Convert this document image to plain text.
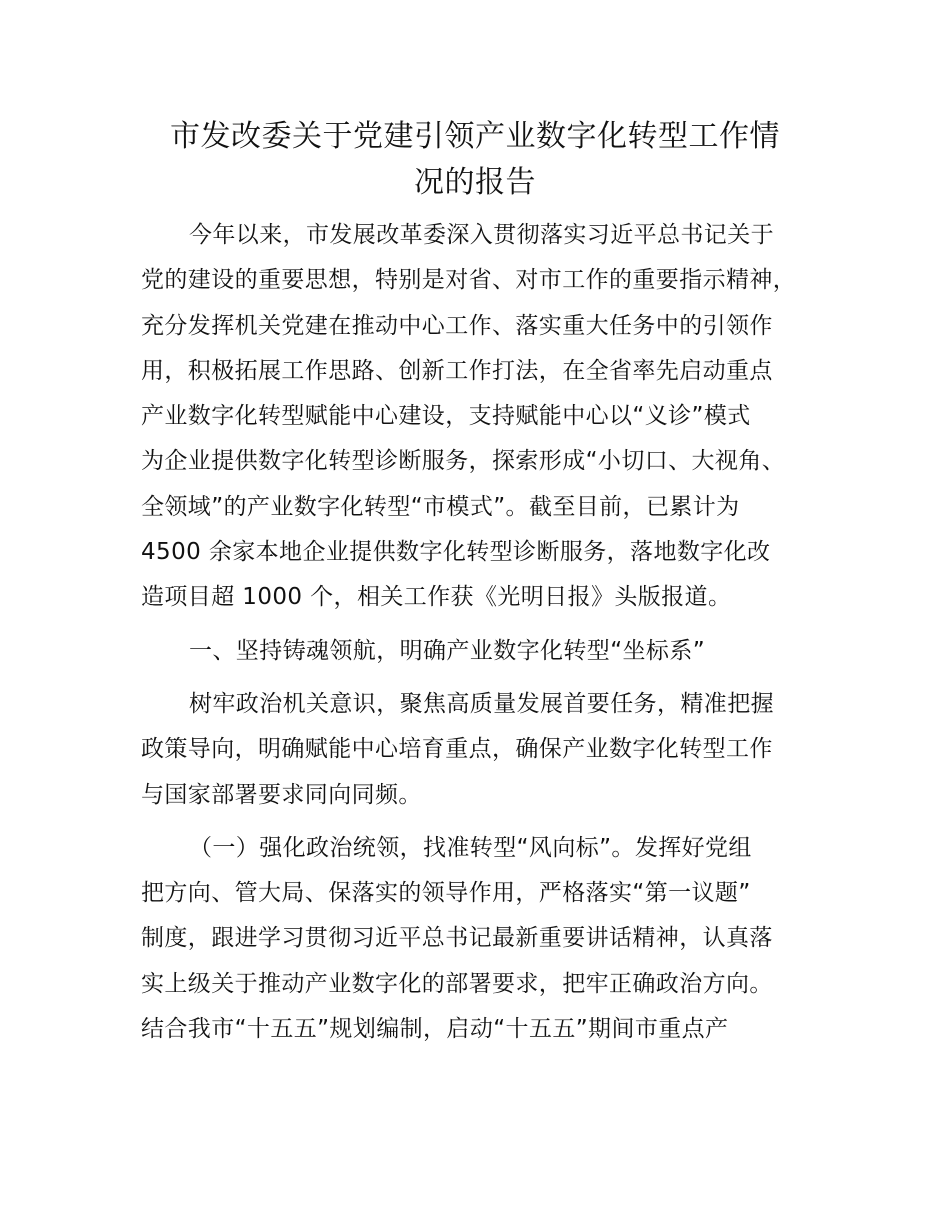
市发改委关于党建引领产业数字化转型工作情
况的报告
今年以来，市发展改革委深入贯彻落实习近平总书记关于
党的建设的重要思想，特别是对省、对市工作的重要指示精神，
充分发挥机关党建在推动中心工作、落实重大任务中的引领作
用，积极拓展工作思路、创新工作打法，在全省率先启动重点
产业数字化转型赋能中心建设，支持赋能中心以“义诊”模式
为企业提供数字化转型诊断服务，探索形成“小切口、大视角、
全领域”的产业数字化转型“市模式”。截至目前，已累计为
4500 余家本地企业提供数字化转型诊断服务，落地数字化改
造项目超 1000 个，相关工作获《光明日报》头版报道。
一、坚持铸魂领航，明确产业数字化转型“坐标系”
树牢政治机关意识，聚焦高质量发展首要任务，精准把握
政策导向，明确赋能中心培育重点，确保产业数字化转型工作
与国家部署要求同向同频。
（一）强化政治统领，找准转型“风向标”。发挥好党组
把方向、管大局、保落实的领导作用，严格落实“第一议题”
制度，跟进学习贯彻习近平总书记最新重要讲话精神，认真落
实上级关于推动产业数字化的部署要求，把牢正确政治方向。
结合我市“十五五”规划编制，启动“十五五”期间市重点产
